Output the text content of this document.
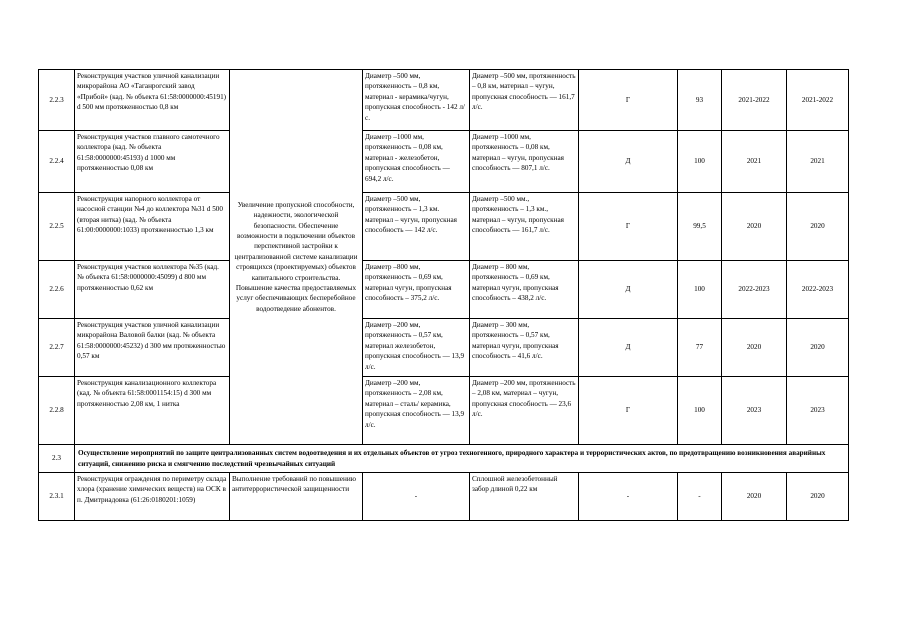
2.2.3	Реконструкция участков уличной канализации микрорайона АО «Таганрогский завод «Прибой» (кад. № объекта 61:58:0000000:45191) d 500 мм протяженностью 0,8 км	Увеличение пропускной способности, надежности, экологической безопасности. Обеспечение возможности в подключении объектов перспективной застройки к централизованной системе канализации строящихся (проектируемых) объектов капитального строительства. Повышение качества предоставляемых услуг обеспечивающих бесперебойное водоотведение абонентов.	Диаметр –500 мм, протяженность – 0,8 км, материал - керамика/чугун, пропускная способность - 142 л/с.	Диаметр –500 мм, протяженность – 0,8 км, материал – чугун, пропускная способность — 161,7 л/с.	Г	93	2021-2022	2021-2022
2.2.4	Реконструкция участков главного самотечного коллектора (кад. № объекта 61:58:0000000:45193) d 1000 мм протяженностью 0,08 км		Диаметр –1000 мм, протяженность – 0,08 км, материал - железобетон, пропускная способность — 694,2 л/с.	Диаметр –1000 мм, протяженность – 0,08 км, материал – чугун, пропускная способность — 807,1 л/с.	Д	100	2021	2021
2.2.5	Реконструкция напорного коллектора от насосной станции №4 до коллектора №31 d 500 (вторая нитка) (кад. № объекта 61:00:0000000:1033) протяженностью 1,3 км		Диаметр –500 мм, протяженность – 1,3 км. материал – чугун, пропускная способность — 142 л/с.	Диаметр –500 мм., протяженность – 1,3 км., материал – чугун, пропускная способность — 161,7 л/с.	Г	99,5	2020	2020
2.2.6	Реконструкция участков коллектора №35 (кад. № объекта 61:58:0000000:45099) d 800 мм протяженностью 0,62 км		Диаметр –800 мм, протяженность – 0,69 км, материал чугун, пропускная способность – 375,2 л/с.	Диаметр – 800 мм, протяженность – 0,69 км, материал чугун, пропускная способность – 438,2 л/с.	Д	100	2022-2023	2022-2023
2.2.7	Реконструкция участков уличной канализации микрорайона Валовой балки (кад. № объекта 61:58:0000000:45232) d 300 мм протяженностью 0,57 км		Диаметр –200 мм, протяженность – 0,57 км, материал железобетон, пропускная способность — 13,9 л/с.	Диаметр – 300 мм, протяженность – 0,57 км, материал чугун, пропускная способность – 41,6 л/с.	Д	77	2020	2020
2.2.8	Реконструкция канализационного коллектора (кад. № объекта 61:58:0001154:15) d 300 мм протяженностью 2,08 км, 1 нитка		Диаметр –200 мм, протяженность – 2,08 км, материал – сталь/ керамика, пропускная способность — 13,9 л/с.	Диаметр –200 мм, протяженность – 2,08 км, материал – чугун, пропускная способность — 23,6 л/с.	Г	100	2023	2023
2.3	Осуществление мероприятий по защите централизованных систем водоотведения и их отдельных объектов от угроз техногенного, природного характера и террористических актов, по предотвращению возникновения аварийных ситуаций, снижению риска и смягчению последствий чрезвычайных ситуаций							
2.3.1	Реконструкция ограждения по периметру склада хлора (хранение химических веществ) на ОСК в п. Дмитриадовка (61:26:0180201:1059)	Выполнение требований по повышению антитеррористической защищенности	-	Сплошной железобетонный забор длиной 0,22 км	-	-	2020	2020
